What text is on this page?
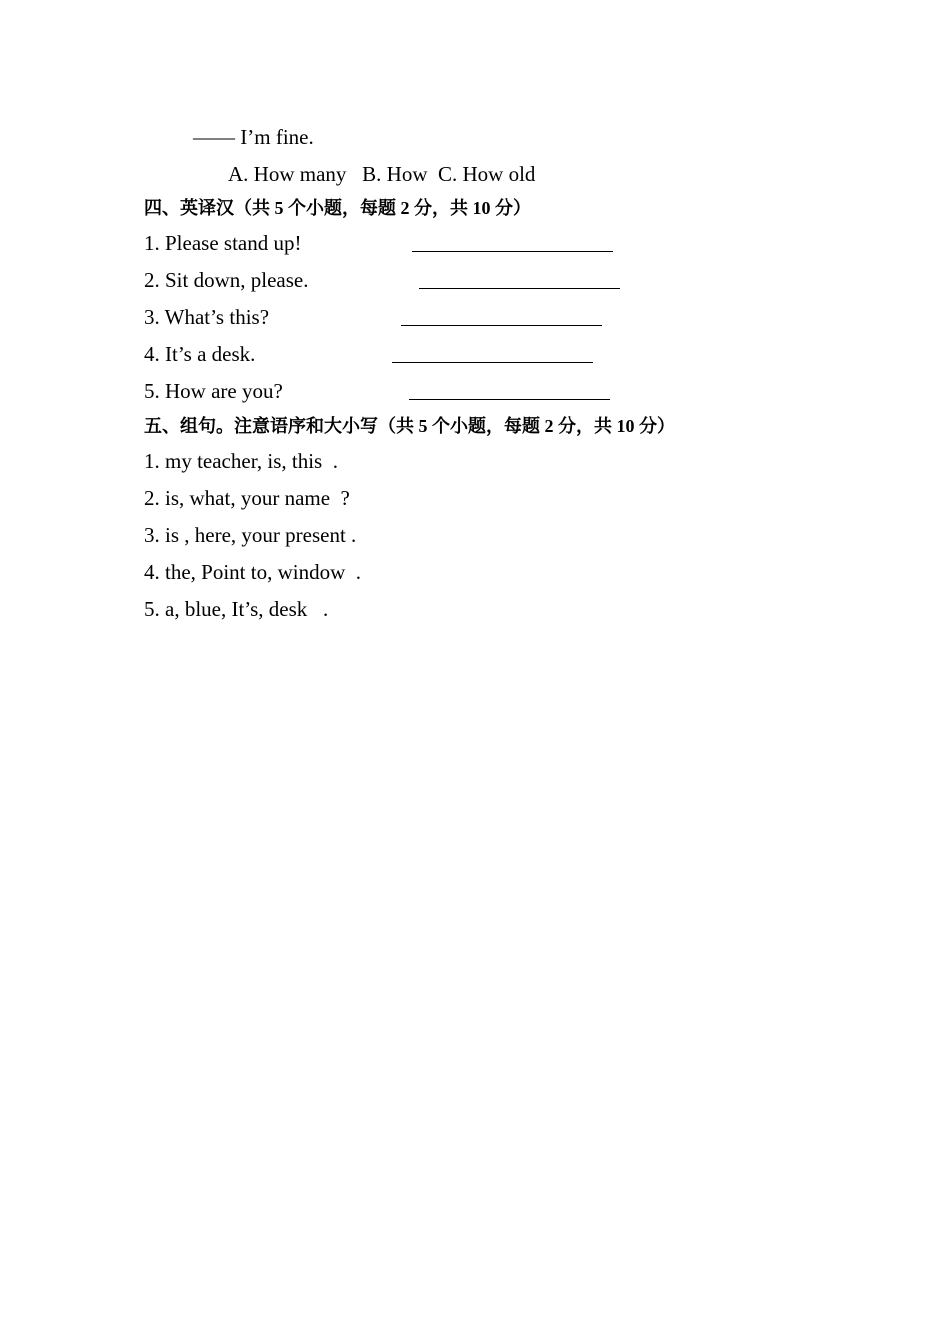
—— I’m fine.
A. How many   B. How  C. How old
四、英译汉（共 5 个小题，每题 2 分，共 10 分）
1. Please stand up!
2. Sit down, please.
3. What’s this?
4. It’s a desk.
5. How are you?
五、组句。注意语序和大小写（共 5 个小题，每题 2 分，共 10 分）
1. my teacher, is, this  .
2. is, what, your name  ?
3. is , here, your present .
4. the, Point to, window  .
5. a, blue, It’s, desk   .
